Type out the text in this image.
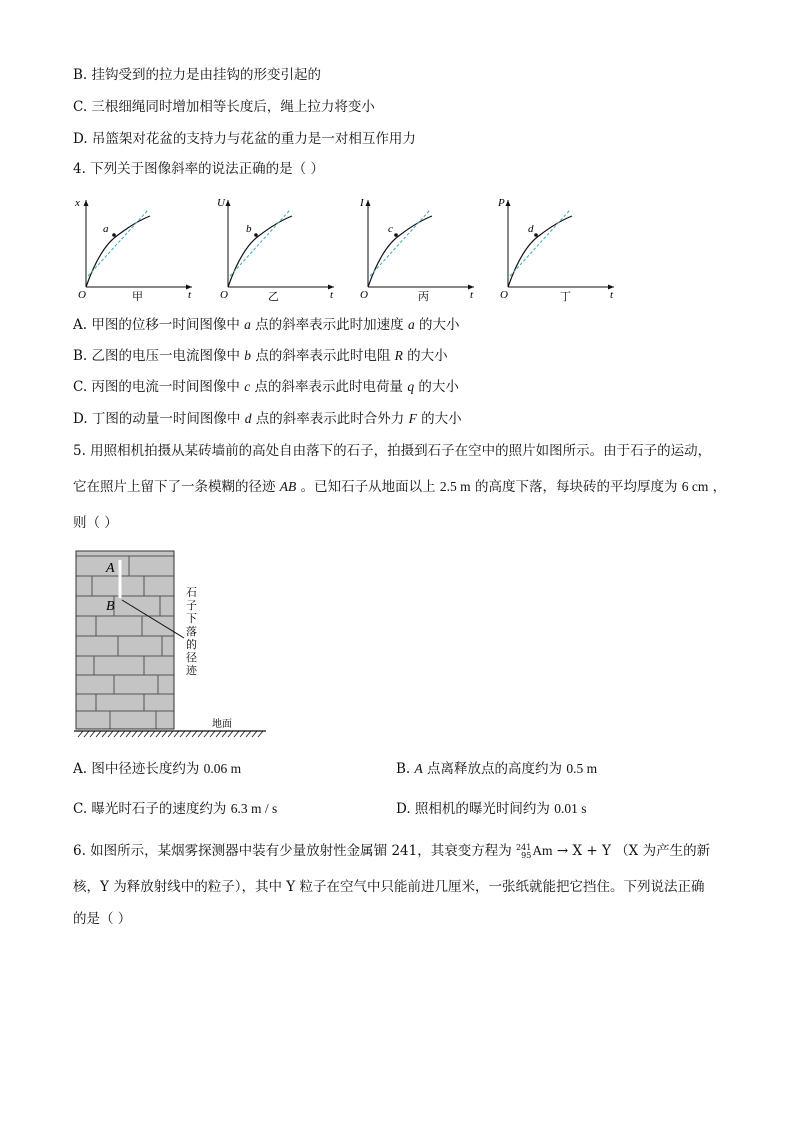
B. 挂钩受到的拉力是由挂钩的形变引起的
C. 三根细绳同时增加相等长度后，绳上拉力将变小
D. 吊篮架对花盆的支持力与花盆的重力是一对相互作用力
4. 下列关于图像斜率的说法正确的是（ ）
x
a
O	t
甲
U
b
O	t
乙
I
c
O	t
丙
P
d
O	t
丁
A. 甲图的位移一时间图像中 a 点的斜率表示此时加速度 a 的大小
B. 乙图的电压一电流图像中 b 点的斜率表示此时电阻 R 的大小
C. 丙图的电流一时间图像中 c 点的斜率表示此时电荷量 q 的大小
D. 丁图的动量一时间图像中 d 点的斜率表示此时合外力 F 的大小
5. 用照相机拍摄从某砖墙前的高处自由落下的石子，拍摄到石子在空中的照片如图所示。由于石子的运动，
它在照片上留下了一条模糊的径迹 AB 。已知石子从地面以上 2.5 m 的高度下落，每块砖的平均厚度为 6 cm ，
则（ ）
A
B
石
子
下
落
的
径
迹
地面
A. 图中径迹长度约为 0.06 m	B. A 点离释放点的高度约为 0.5 m
C. 曝光时石子的速度约为 6.3 m / s	D. 照相机的曝光时间约为 0.01 s
6. 如图所示，某烟雾探测器中装有少量放射性金属镅 241，其衰变方程为 241
95Am → X + Y （X 为产生的新
核，Y 为释放射线中的粒子），其中 Y 粒子在空气中只能前进几厘米，一张纸就能把它挡住。下列说法正确
的是（ ）
